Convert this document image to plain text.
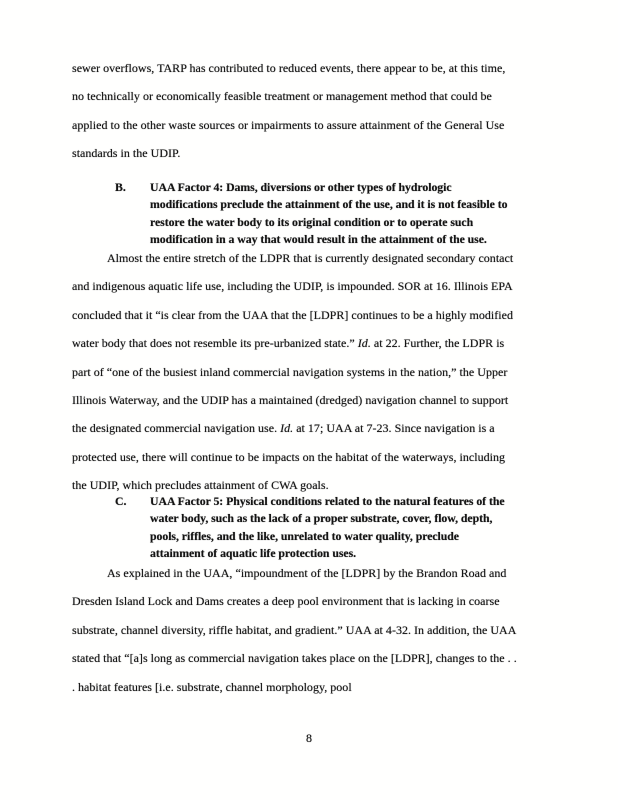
sewer overflows, TARP has contributed to reduced events, there appear to be, at this time, no technically or economically feasible treatment or management method that could be applied to the other waste sources or impairments to assure attainment of the General Use standards in the UDIP.

B.	UAA Factor 4: Dams, diversions or other types of hydrologic modifications preclude the attainment of the use, and it is not feasible to restore the water body to its original condition or to operate such modification in a way that would result in the attainment of the use.

Almost the entire stretch of the LDPR that is currently designated secondary contact and indigenous aquatic life use, including the UDIP, is impounded. SOR at 16. Illinois EPA concluded that it “is clear from the UAA that the [LDPR] continues to be a highly modified water body that does not resemble its pre-urbanized state.” Id. at 22. Further, the LDPR is part of “one of the busiest inland commercial navigation systems in the nation,” the Upper Illinois Waterway, and the UDIP has a maintained (dredged) navigation channel to support the designated commercial navigation use. Id. at 17; UAA at 7-23. Since navigation is a protected use, there will continue to be impacts on the habitat of the waterways, including the UDIP, which precludes attainment of CWA goals.

C.	UAA Factor 5: Physical conditions related to the natural features of the water body, such as the lack of a proper substrate, cover, flow, depth, pools, riffles, and the like, unrelated to water quality, preclude attainment of aquatic life protection uses.

As explained in the UAA, “impoundment of the [LDPR] by the Brandon Road and Dresden Island Lock and Dams creates a deep pool environment that is lacking in coarse substrate, channel diversity, riffle habitat, and gradient.” UAA at 4-32. In addition, the UAA stated that “[a]s long as commercial navigation takes place on the [LDPR], changes to the . . . habitat features [i.e. substrate, channel morphology, pool

8
